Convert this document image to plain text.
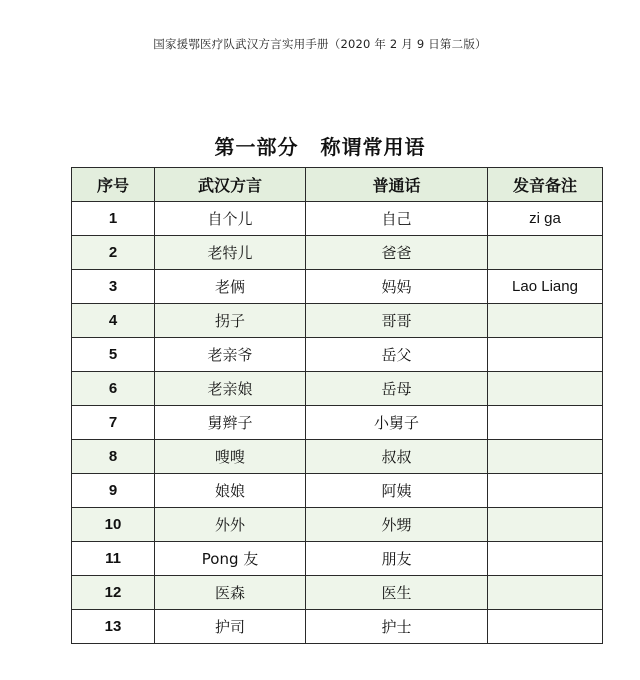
国家援鄂医疗队武汉方言实用手册（2020 年 2 月 9 日第二版）
第一部分 称谓常用语
序号	武汉方言	普通话	发音备注
1	自个儿	自己	zi ga
2	老特儿	爸爸	
3	老俩	妈妈	Lao Liang
4	拐子	哥哥	
5	老亲爷	岳父	
6	老亲娘	岳母	
7	舅辫子	小舅子	
8	嗖嗖	叔叔	
9	娘娘	阿姨	
10	外外	外甥	
11	Pong 友	朋友	
12	医森	医生	
13	护司	护士	
